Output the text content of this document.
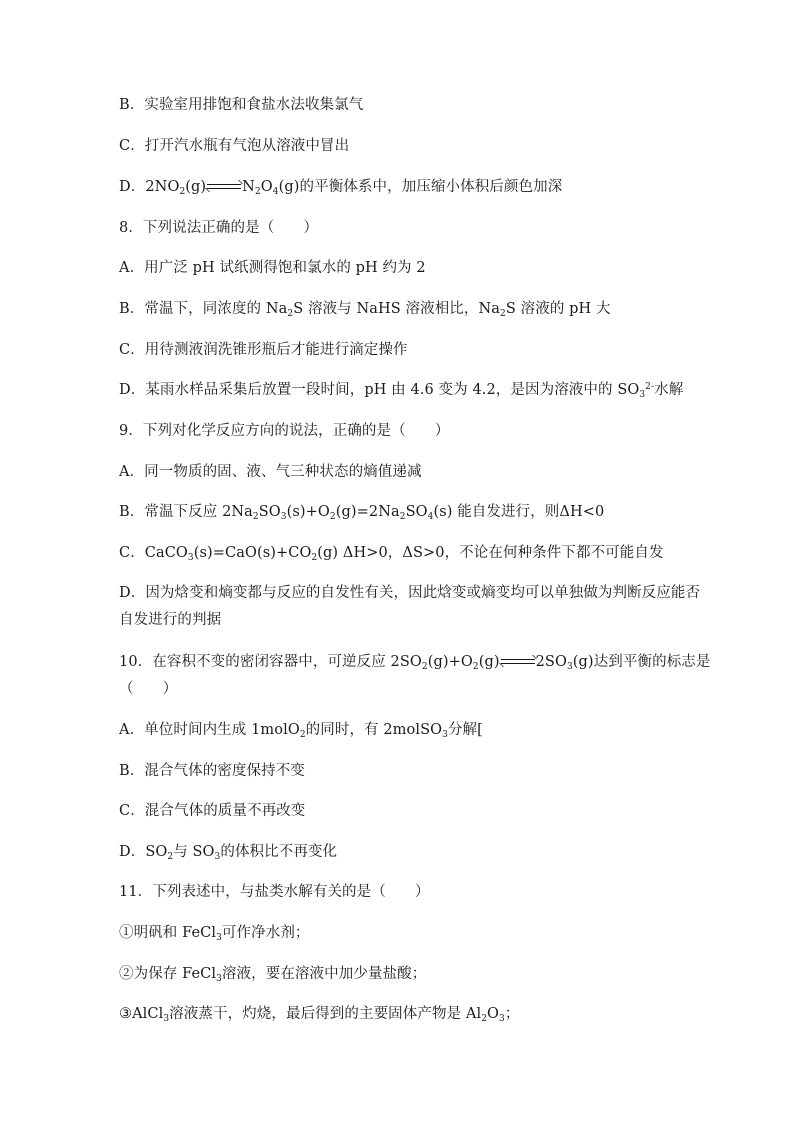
B．实验室用排饱和食盐水法收集氯气
C．打开汽水瓶有气泡从溶液中冒出
D．$2NO_2(g)$ $N_2O_4(g)$的平衡体系中，加压缩小体积后颜色加深
8．下列说法正确的是（　　）
A．用广泛 pH 试纸测得饱和氯水的 pH 约为 2
B．常温下，同浓度的 $Na_2S$ 溶液与 NaHS 溶液相比，$Na_2S$ 溶液的 pH 大
C．用待测液润洗锥形瓶后才能进行滴定操作
D．某雨水样品采集后放置一段时间，pH 由 4.6 变为 4.2，是因为溶液中的 $SO_3^{2-}$水解
9．下列对化学反应方向的说法，正确的是（　　）
A．同一物质的固、液、气三种状态的熵值递减
B．常温下反应 $2Na_2SO_3(s)+O_2(g)=2Na_2SO_4(s)$ 能自发进行，则ΔH<0
C．$CaCO_3(s)=CaO(s)+CO_2(g)$ ΔH>0，ΔS>0，不论在何种条件下都不可能自发
D．因为焓变和熵变都与反应的自发性有关，因此焓变或熵变均可以单独做为判断反应能否
自发进行的判据
10．在容积不变的密闭容器中，可逆反应 $2SO_2(g)+O_2(g)$ $2SO_3(g)$达到平衡的标志是
（　　）
A．单位时间内生成 1molO$_2$的同时，有 2molSO$_3$分解[
B．混合气体的密度保持不变
C．混合气体的质量不再改变
D．$SO_2$与 $SO_3$的体积比不再变化
11．下列表述中，与盐类水解有关的是（　　）
①明矾和 FeCl$_3$可作净水剂；
②为保存 FeCl$_3$溶液，要在溶液中加少量盐酸；
③AlCl$_3$溶液蒸干，灼烧，最后得到的主要固体产物是 $Al_2O_3$；
